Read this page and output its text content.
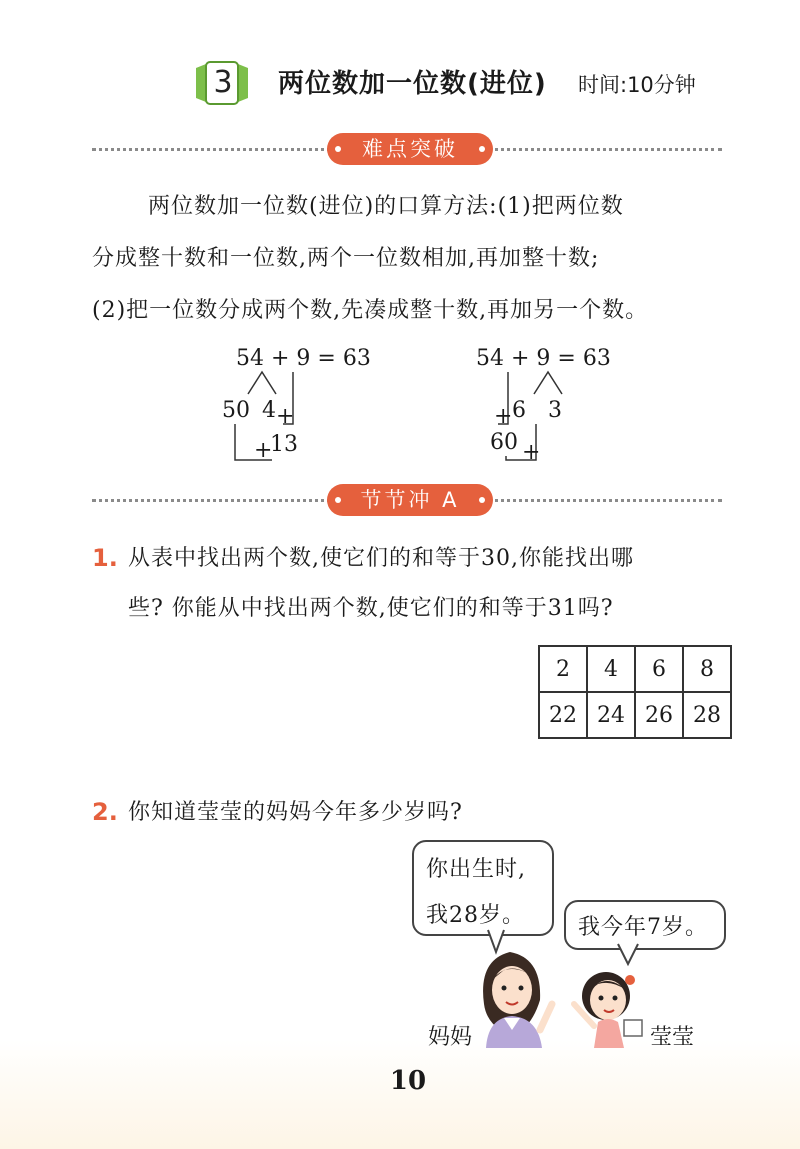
3 两位数加一位数(进位) 时间:10分钟
难点突破
两位数加一位数(进位)的口算方法:(1)把两位数
分成整十数和一位数,两个一位数相加,再加整十数;
(2)把一位数分成两个数,先凑成整十数,再加另一个数。
54 + 9 = 63
50 4 +
+
13
54 + 9 = 63
+ 6 3
60 +
节节冲 A
1. 从表中找出两个数,使它们的和等于30,你能找出哪
些? 你能从中找出两个数,使它们的和等于31吗?
2	4	6	8
22	24	26	28
2. 你知道莹莹的妈妈今年多少岁吗?
你出生时,
我28岁。 我今年7岁。
妈妈	莹莹
10
